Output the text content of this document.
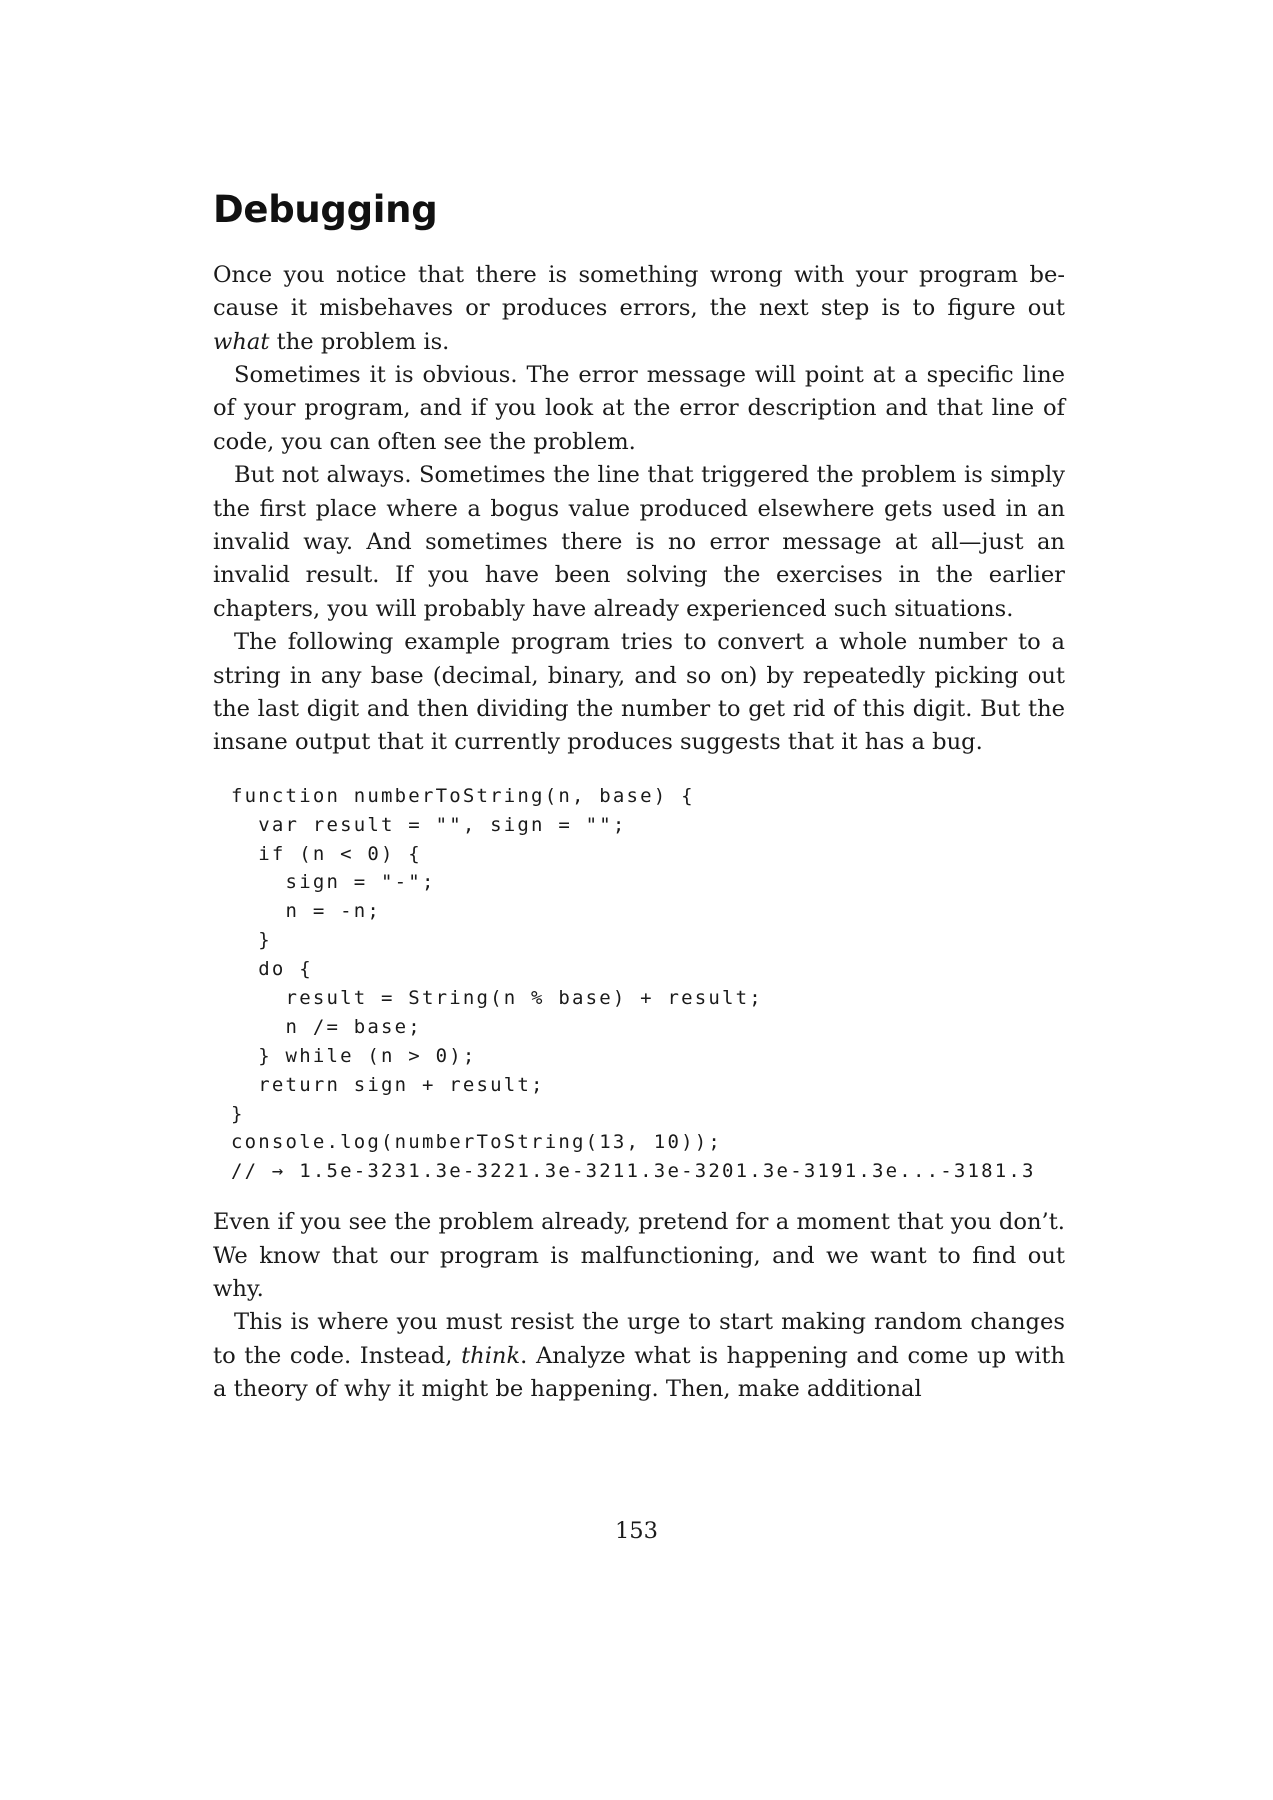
Debugging

Once you notice that there is something wrong with your program because it misbehaves or produces errors, the next step is to figure out what the problem is.

Sometimes it is obvious. The error message will point at a specific line of your program, and if you look at the error description and that line of code, you can often see the problem.

But not always. Sometimes the line that triggered the problem is simply the first place where a bogus value produced elsewhere gets used in an invalid way. And sometimes there is no error message at all—just an invalid result. If you have been solving the exercises in the earlier chapters, you will probably have already experienced such situations.

The following example program tries to convert a whole number to a string in any base (decimal, binary, and so on) by repeatedly picking out the last digit and then dividing the number to get rid of this digit. But the insane output that it currently produces suggests that it has a bug.

function numberToString(n, base) {
var result = "", sign = "";
if (n < 0) {
sign = "-";
n = -n;
}
do {
result = String(n % base) + result;
n /= base;
} while (n > 0);
return sign + result;
}
console.log(numberToString(13, 10));
// → 1.5e-3231.3e-3221.3e-3211.3e-3201.3e-3191.3e...-3181.3

Even if you see the problem already, pretend for a moment that you don’t. We know that our program is malfunctioning, and we want to find out why.

This is where you must resist the urge to start making random changes to the code. Instead, think. Analyze what is happening and come up with a theory of why it might be happening. Then, make additional

153
